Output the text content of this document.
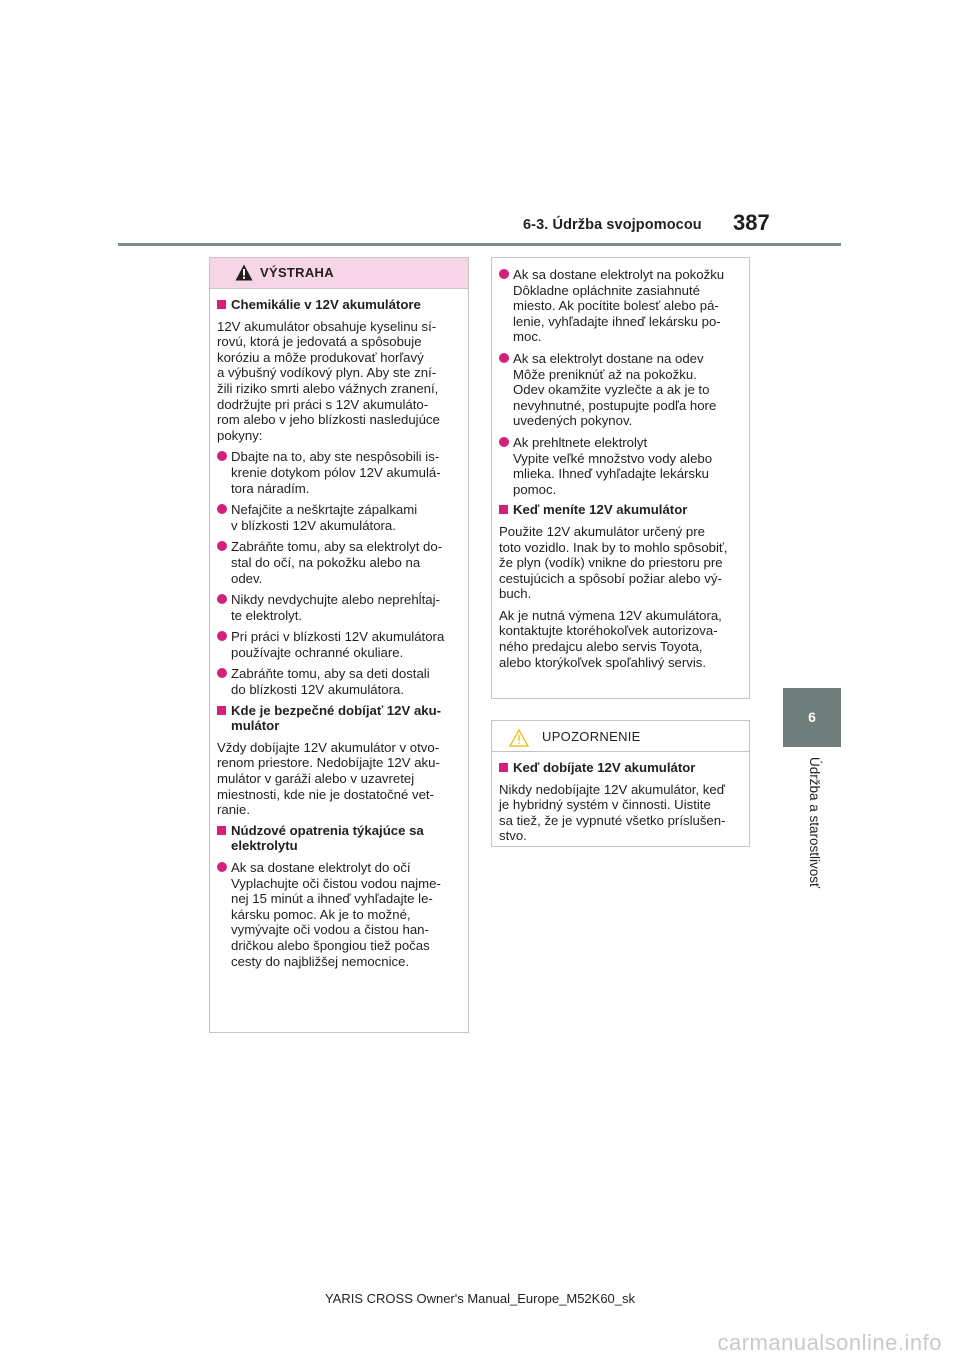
6-3. Údržba svojpomocou 387
6
Údržba a starostlivosť
VÝSTRAHA
Chemikálie v 12V akumulátore
12V akumulátor obsahuje kyselinu sí-
rovú, ktorá je jedovatá a spôsobuje
koróziu a môže produkovať horľavý
a výbušný vodíkový plyn. Aby ste zní-
žili riziko smrti alebo vážnych zranení,
dodržujte pri práci s 12V akumuláto-
rom alebo v jeho blízkosti nasledujúce
pokyny:
Dbajte na to, aby ste nespôsobili is-
krenie dotykom pólov 12V akumulá-
tora náradím.
Nefajčite a neškrtajte zápalkami
v blízkosti 12V akumulátora.
Zabráňte tomu, aby sa elektrolyt do-
stal do očí, na pokožku alebo na
odev.
Nikdy nevdychujte alebo neprehĺtaj-
te elektrolyt.
Pri práci v blízkosti 12V akumulátora
používajte ochranné okuliare.
Zabráňte tomu, aby sa deti dostali
do blízkosti 12V akumulátora.
Kde je bezpečné dobíjať 12V aku-
mulátor
Vždy dobíjajte 12V akumulátor v otvo-
renom priestore. Nedobíjajte 12V aku-
mulátor v garáži alebo v uzavretej
miestnosti, kde nie je dostatočné vet-
ranie.
Núdzové opatrenia týkajúce sa
elektrolytu
Ak sa dostane elektrolyt do očí
Vyplachujte oči čistou vodou najme-
nej 15 minút a ihneď vyhľadajte le-
kársku pomoc. Ak je to možné,
vymývajte oči vodou a čistou han-
dričkou alebo špongiou tiež počas
cesty do najbližšej nemocnice.
Ak sa dostane elektrolyt na pokožku
Dôkladne opláchnite zasiahnuté
miesto. Ak pocítite bolesť alebo pá-
lenie, vyhľadajte ihneď lekársku po-
moc.
Ak sa elektrolyt dostane na odev
Môže preniknúť až na pokožku.
Odev okamžite vyzlečte a ak je to
nevyhnutné, postupujte podľa hore
uvedených pokynov.
Ak prehltnete elektrolyt
Vypite veľké množstvo vody alebo
mlieka. Ihneď vyhľadajte lekársku
pomoc.
Keď meníte 12V akumulátor
Použite 12V akumulátor určený pre
toto vozidlo. Inak by to mohlo spôsobiť,
že plyn (vodík) vnikne do priestoru pre
cestujúcich a spôsobí požiar alebo vý-
buch.
Ak je nutná výmena 12V akumulátora,
kontaktujte ktoréhokoľvek autorizova-
ného predajcu alebo servis Toyota,
alebo ktorýkoľvek spoľahlivý servis.
UPOZORNENIE
Keď dobíjate 12V akumulátor
Nikdy nedobíjajte 12V akumulátor, keď
je hybridný systém v činnosti. Uistite
sa tiež, že je vypnuté všetko príslušen-
stvo.
YARIS CROSS Owner's Manual_Europe_M52K60_sk
carmanualsonline.info
